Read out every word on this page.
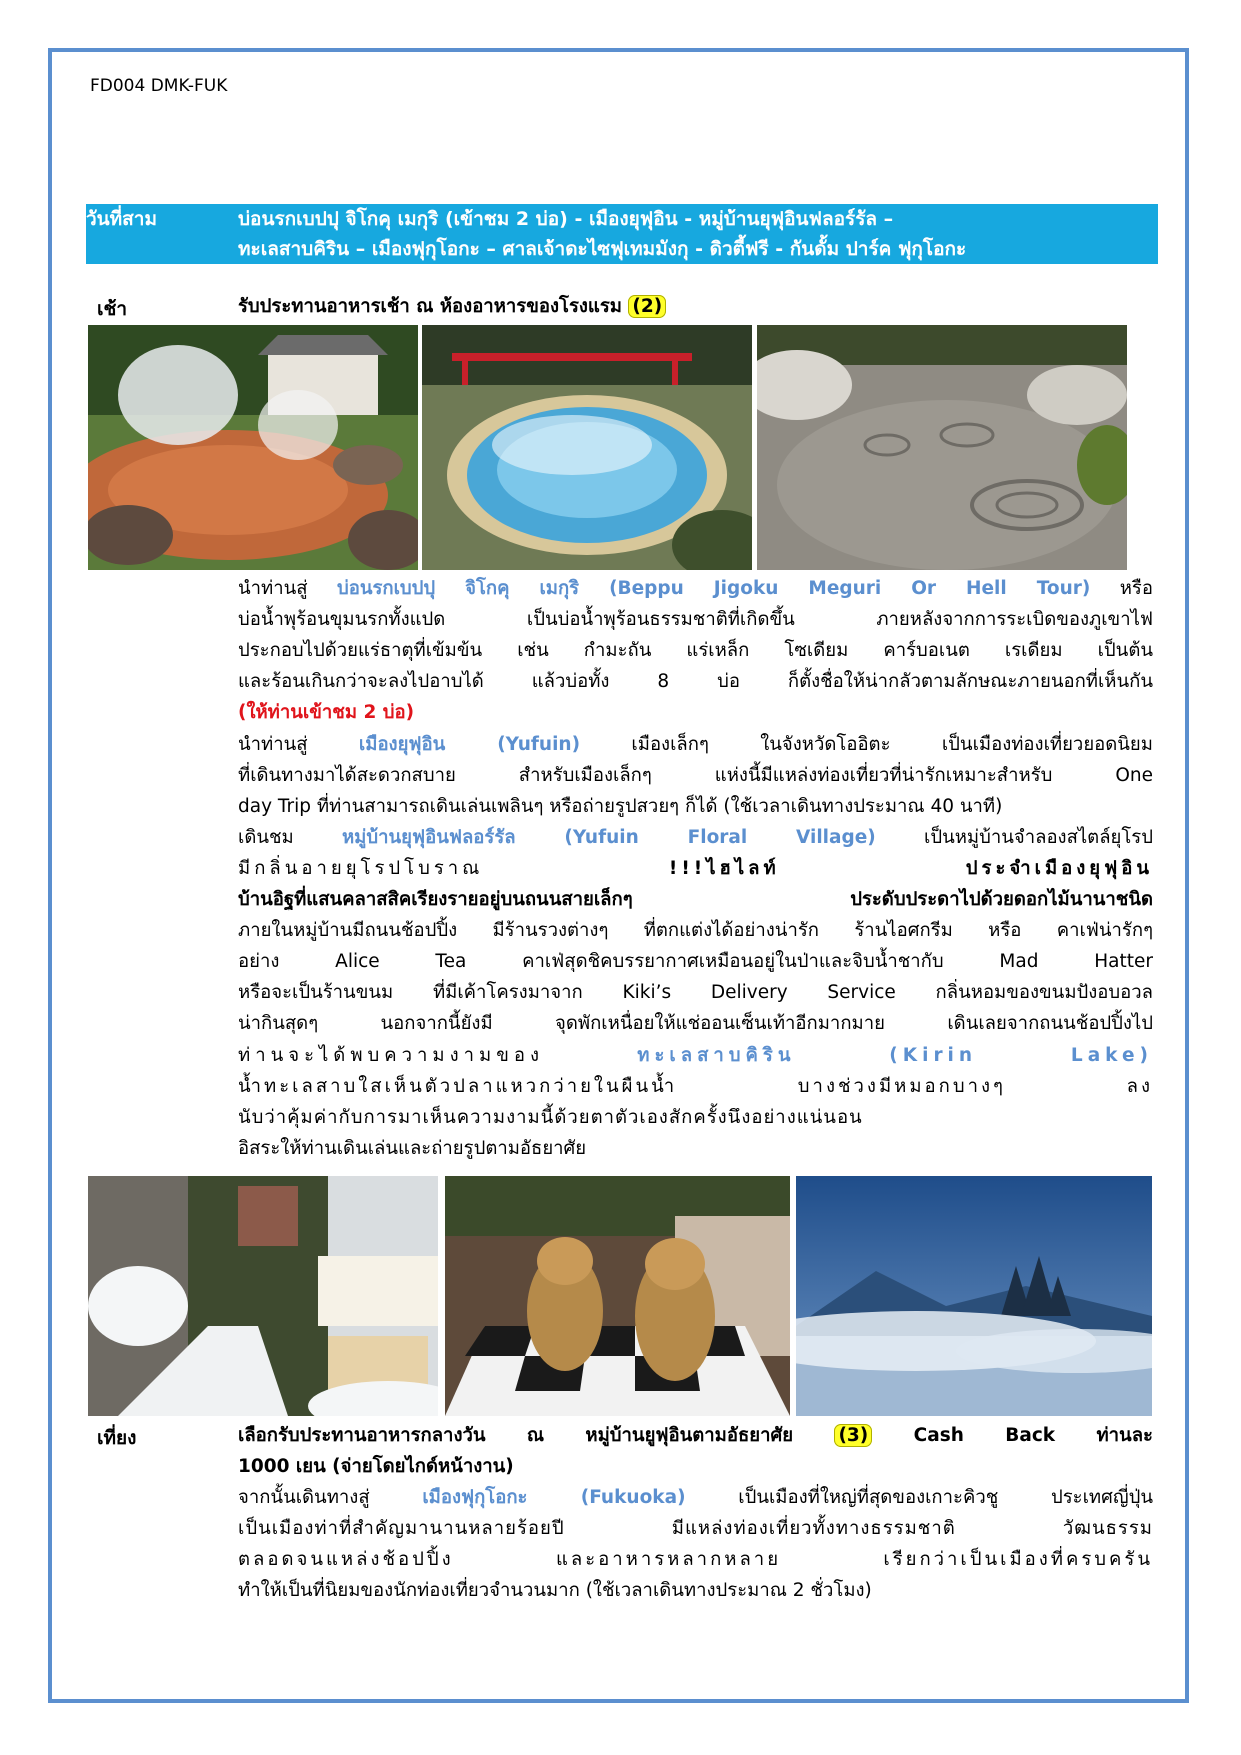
FD004 DMK-FUK
วันที่สาม	บ่อนรกเบปปุ จิโกคุ เมกุริ (เข้าชม 2 บ่อ) - เมืองยุฟุอิน - หมู่บ้านยุฟุอินฟลอร์รัล –
ทะเลสาบคิริน – เมืองฟุกุโอกะ – ศาลเจ้าดะไซฟุเทมมังกุ - ดิวตี้ฟรี - กันดั้ม ปาร์ค ฟุกุโอกะ
เช้า	รับประทานอาหารเช้า ณ ห้องอาหารของโรงแรม (2)
นำท่านสู่ บ่อนรกเบปปุ จิโกคุ เมกุริ (Beppu Jigoku Meguri Or Hell Tour) หรือ
บ่อน้ำพุร้อนขุมนรกทั้งแปด เป็นบ่อน้ำพุร้อนธรรมชาติที่เกิดขึ้น ภายหลังจากการระเบิดของภูเขาไฟ
ประกอบไปด้วยแร่ธาตุที่เข้มข้น เช่น กำมะถัน แร่เหล็ก โซเดียม คาร์บอเนต เรเดียม เป็นต้น
และร้อนเกินกว่าจะลงไปอาบได้ แล้วบ่อทั้ง 8 บ่อ ก็ตั้งชื่อให้น่ากลัวตามลักษณะภายนอกที่เห็นกัน
(ให้ท่านเข้าชม 2 บ่อ)
นำท่านสู่	เมืองยุฟุอิน (Yufuin)	เมืองเล็กๆ ในจังหวัดโออิตะ เป็นเมืองท่องเที่ยวยอดนิยม
ที่เดินทางมาได้สะดวกสบาย สำหรับเมืองเล็กๆ แห่งนี้มีแหล่งท่องเที่ยวที่น่ารักเหมาะสำหรับ One
day Trip ที่ท่านสามารถเดินเล่นเพลินๆ หรือถ่ายรูปสวยๆ ก็ได้ (ใช้เวลาเดินทางประมาณ 40 นาที)
เดินชม	หมู่บ้านยุฟุอินฟลอร์รัล (Yufuin Floral Village)	เป็นหมู่บ้านจำลองสไตล์ยุโรป
มีกลิ่นอายยุโรปโบราณ	!!!ไฮไลท์ ประจำเมืองยุฟุอิน
บ้านอิฐที่แสนคลาสสิคเรียงรายอยู่บนถนนสายเล็กๆ ประดับประดาไปด้วยดอกไม้นานาชนิด
ภายในหมู่บ้านมีถนนช้อปปิ้ง มีร้านรวงต่างๆ ที่ตกแต่งได้อย่างน่ารัก ร้านไอศกรีม หรือ คาเฟ่น่ารักๆ
อย่าง Alice Tea คาเฟ่สุดชิคบรรยากาศเหมือนอยู่ในป่าและจิบน้ำชากับ Mad Hatter
หรือจะเป็นร้านขนม ที่มีเค้าโครงมาจาก Kiki’s Delivery Service กลิ่นหอมของขนมปังอบอวล
น่ากินสุดๆ นอกจากนี้ยังมี จุดพักเหนื่อยให้แช่ออนเซ็นเท้าอีกมากมาย เดินเลยจากถนนช้อปปิ้งไป
ท่านจะได้พบความงามของ	ทะเลสาบคิริน (Kirin Lake)
น้ำทะเลสาบใสเห็นตัวปลาแหวกว่ายในผืนน้ำ บางช่วงมีหมอกบางๆ ลง
นับว่าคุ้มค่ากับการมาเห็นความงามนี้ด้วยตาตัวเองสักครั้งนึงอย่างแน่นอน
อิสระให้ท่านเดินเล่นและถ่ายรูปตามอัธยาศัย
เที่ยง	เลือกรับประทานอาหารกลางวัน ณ หมู่บ้านยูฟุอินตามอัธยาศัย (3) Cash Back ท่านละ
1000 เยน (จ่ายโดยไกด์หน้างาน)
จากนั้นเดินทางสู่	เมืองฟุกุโอกะ (Fukuoka)	เป็นเมืองที่ใหญ่ที่สุดของเกาะคิวชู ประเทศญี่ปุ่น
เป็นเมืองท่าที่สำคัญมานานหลายร้อยปี มีแหล่งท่องเที่ยวทั้งทางธรรมชาติ วัฒนธรรม
ตลอดจนแหล่งช้อปปิ้ง และอาหารหลากหลาย เรียกว่าเป็นเมืองที่ครบครัน
ทำให้เป็นที่นิยมของนักท่องเที่ยวจำนวนมาก (ใช้เวลาเดินทางประมาณ 2 ชั่วโมง)
